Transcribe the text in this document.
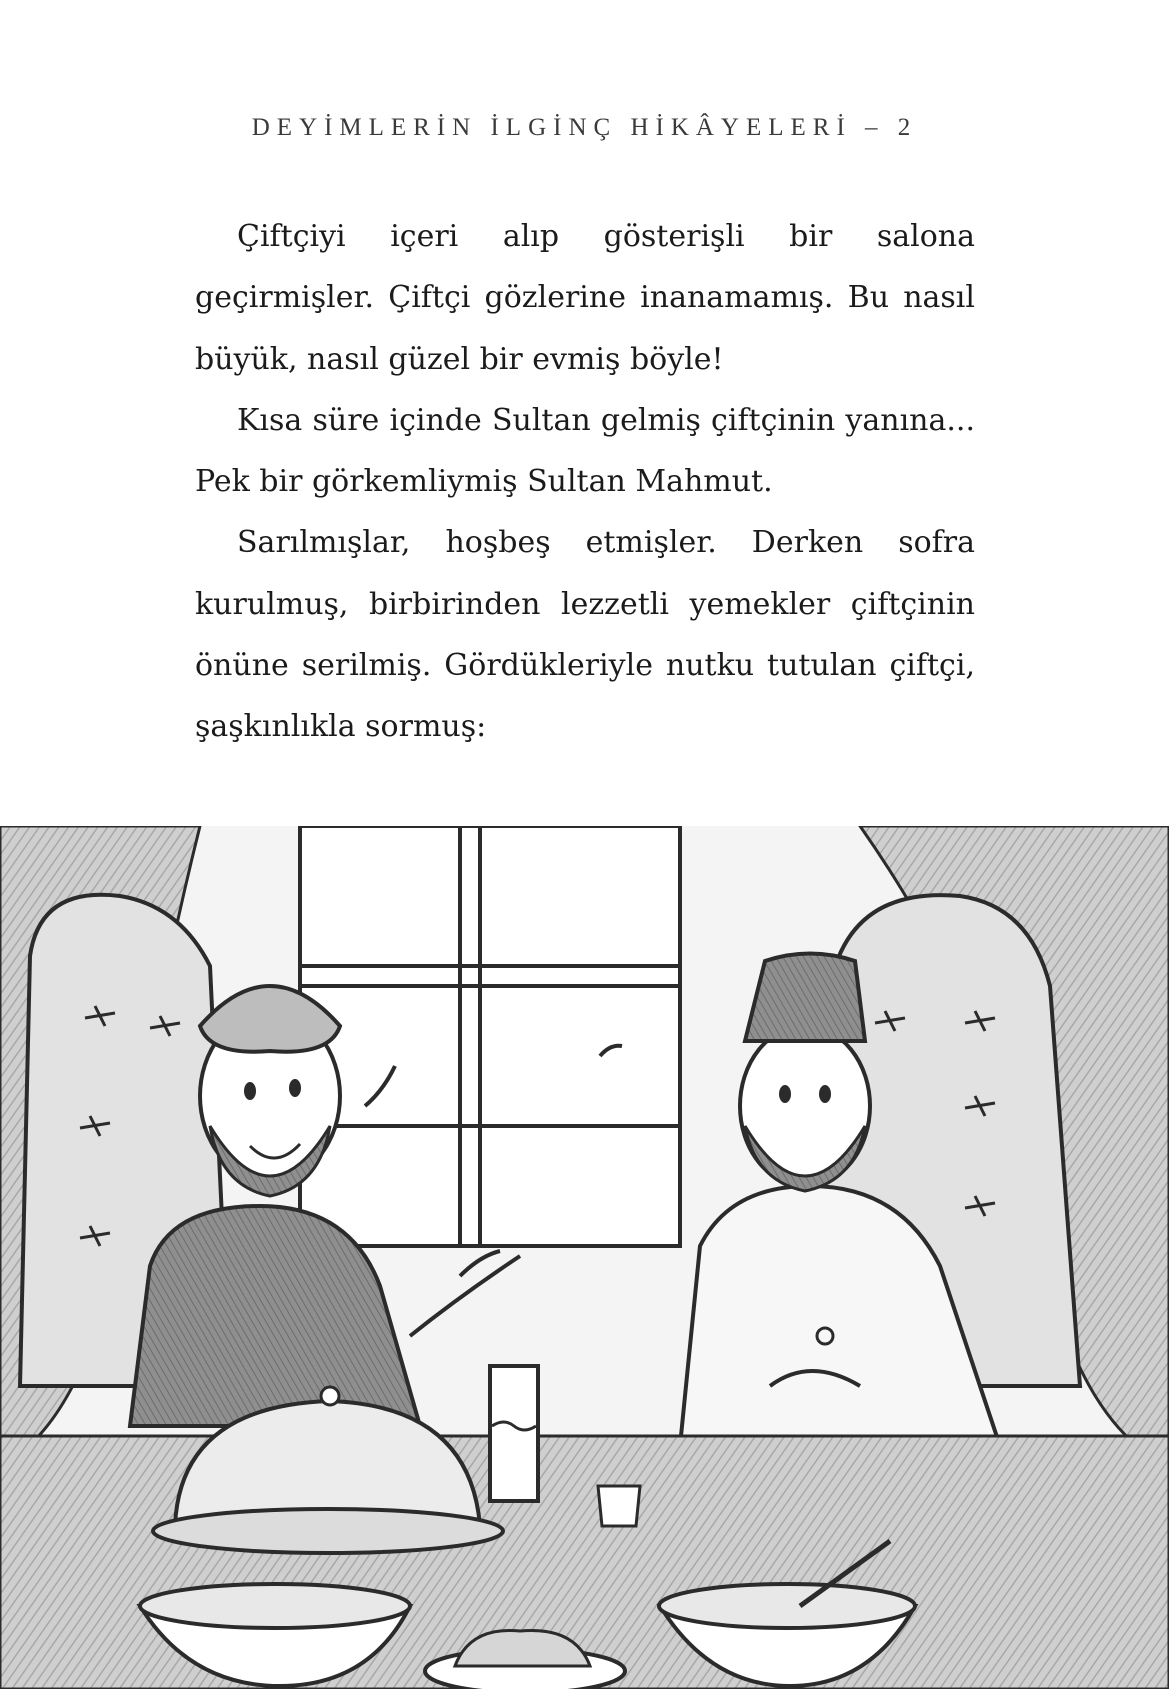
DEYİMLERİN İLGİNÇ HİKÂYELERİ – 2

Çiftçiyi içeri alıp gösterişli bir salona geçirmişler. Çiftçi gözlerine inanamamış. Bu nasıl büyük, nasıl güzel bir evmiş böyle!

Kısa süre içinde Sultan gelmiş çiftçinin yanına... Pek bir görkemliymiş Sultan Mahmut.

Sarılmışlar, hoşbeş etmişler. Derken sofra kurulmuş, birbirinden lezzetli yemekler çiftçinin önüne serilmiş. Gördükleriyle nutku tutulan çiftçi, şaşkınlıkla sormuş:
